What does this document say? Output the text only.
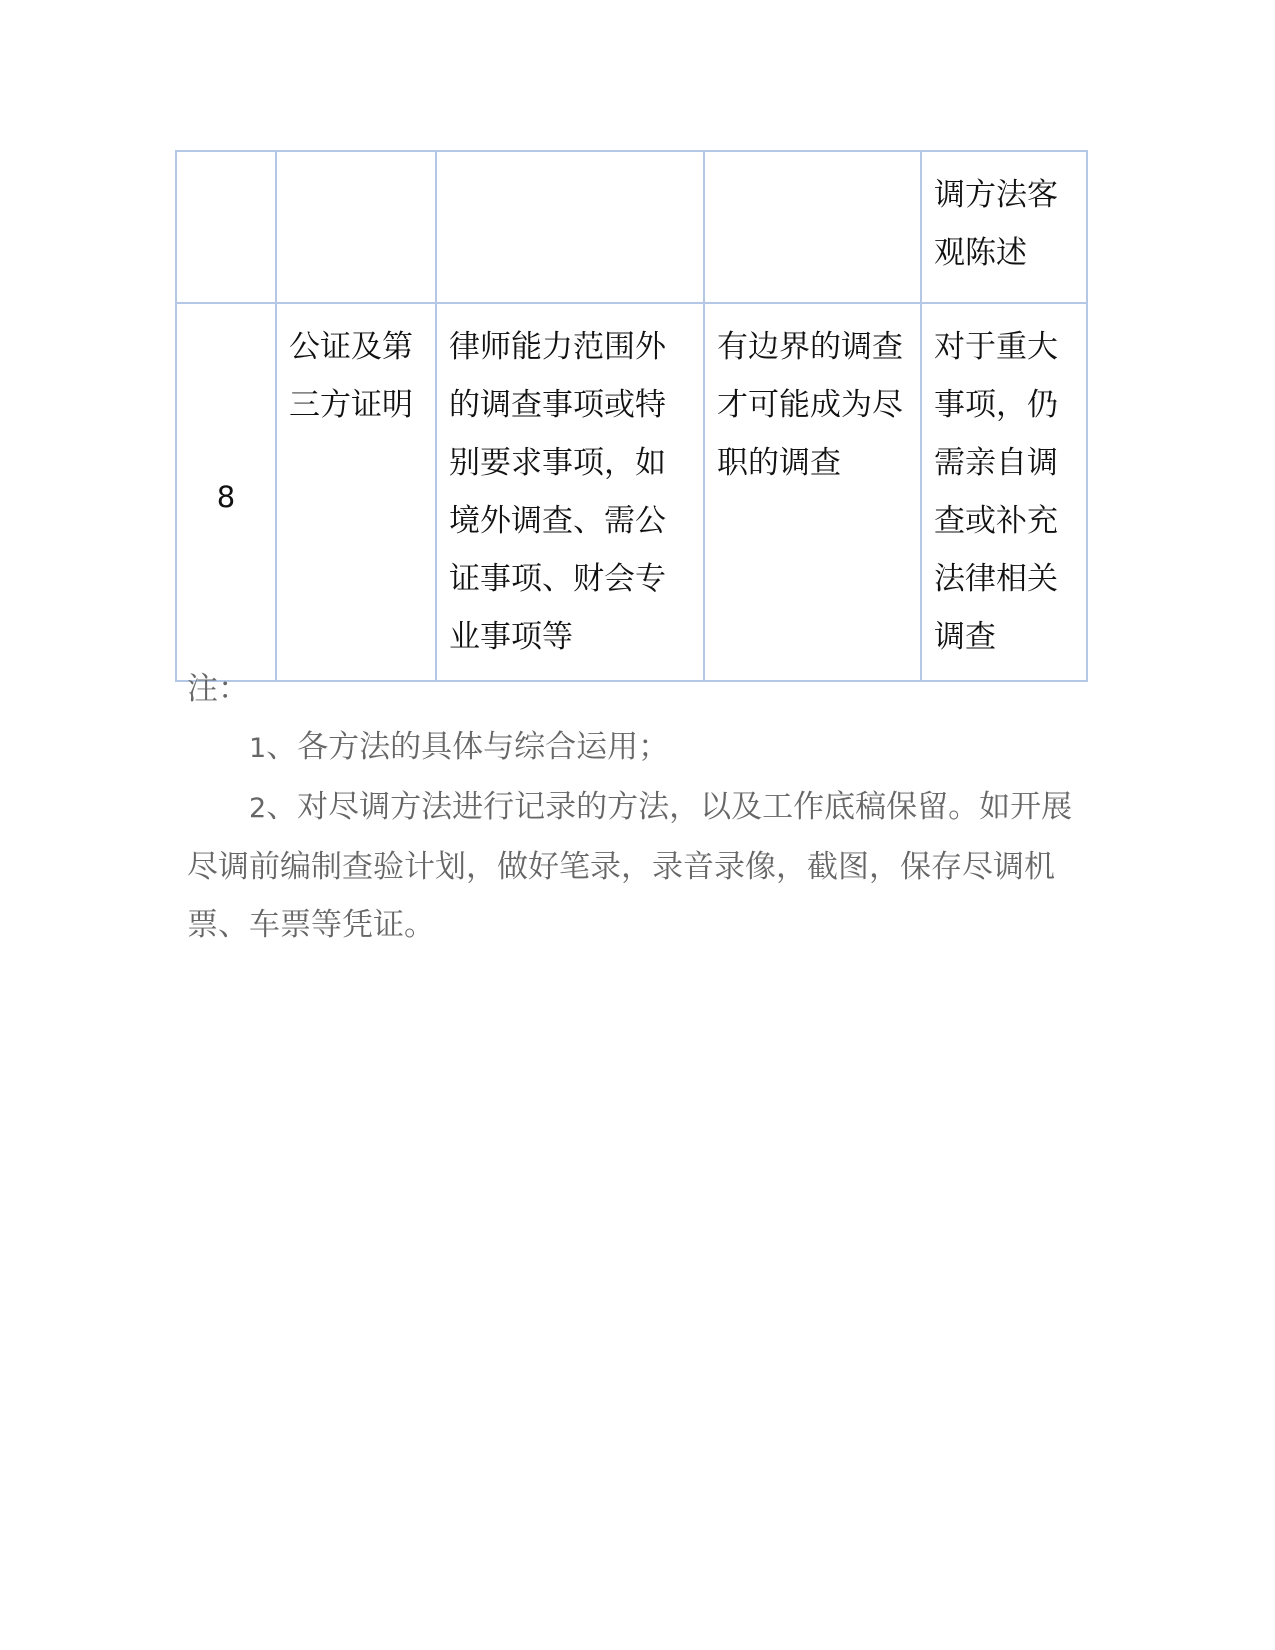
				调方法客观陈述
8	公证及第三方证明	律师能力范围外的调查事项或特别要求事项，如境外调查、需公证事项、财会专业事项等	有边界的调查才可能成为尽职的调查	对于重大事项，仍需亲自调查或补充法律相关调查

注：

1、各方法的具体与综合运用；

2、对尽调方法进行记录的方法，以及工作底稿保留。如开展尽调前编制查验计划，做好笔录，录音录像，截图，保存尽调机票、车票等凭证。
